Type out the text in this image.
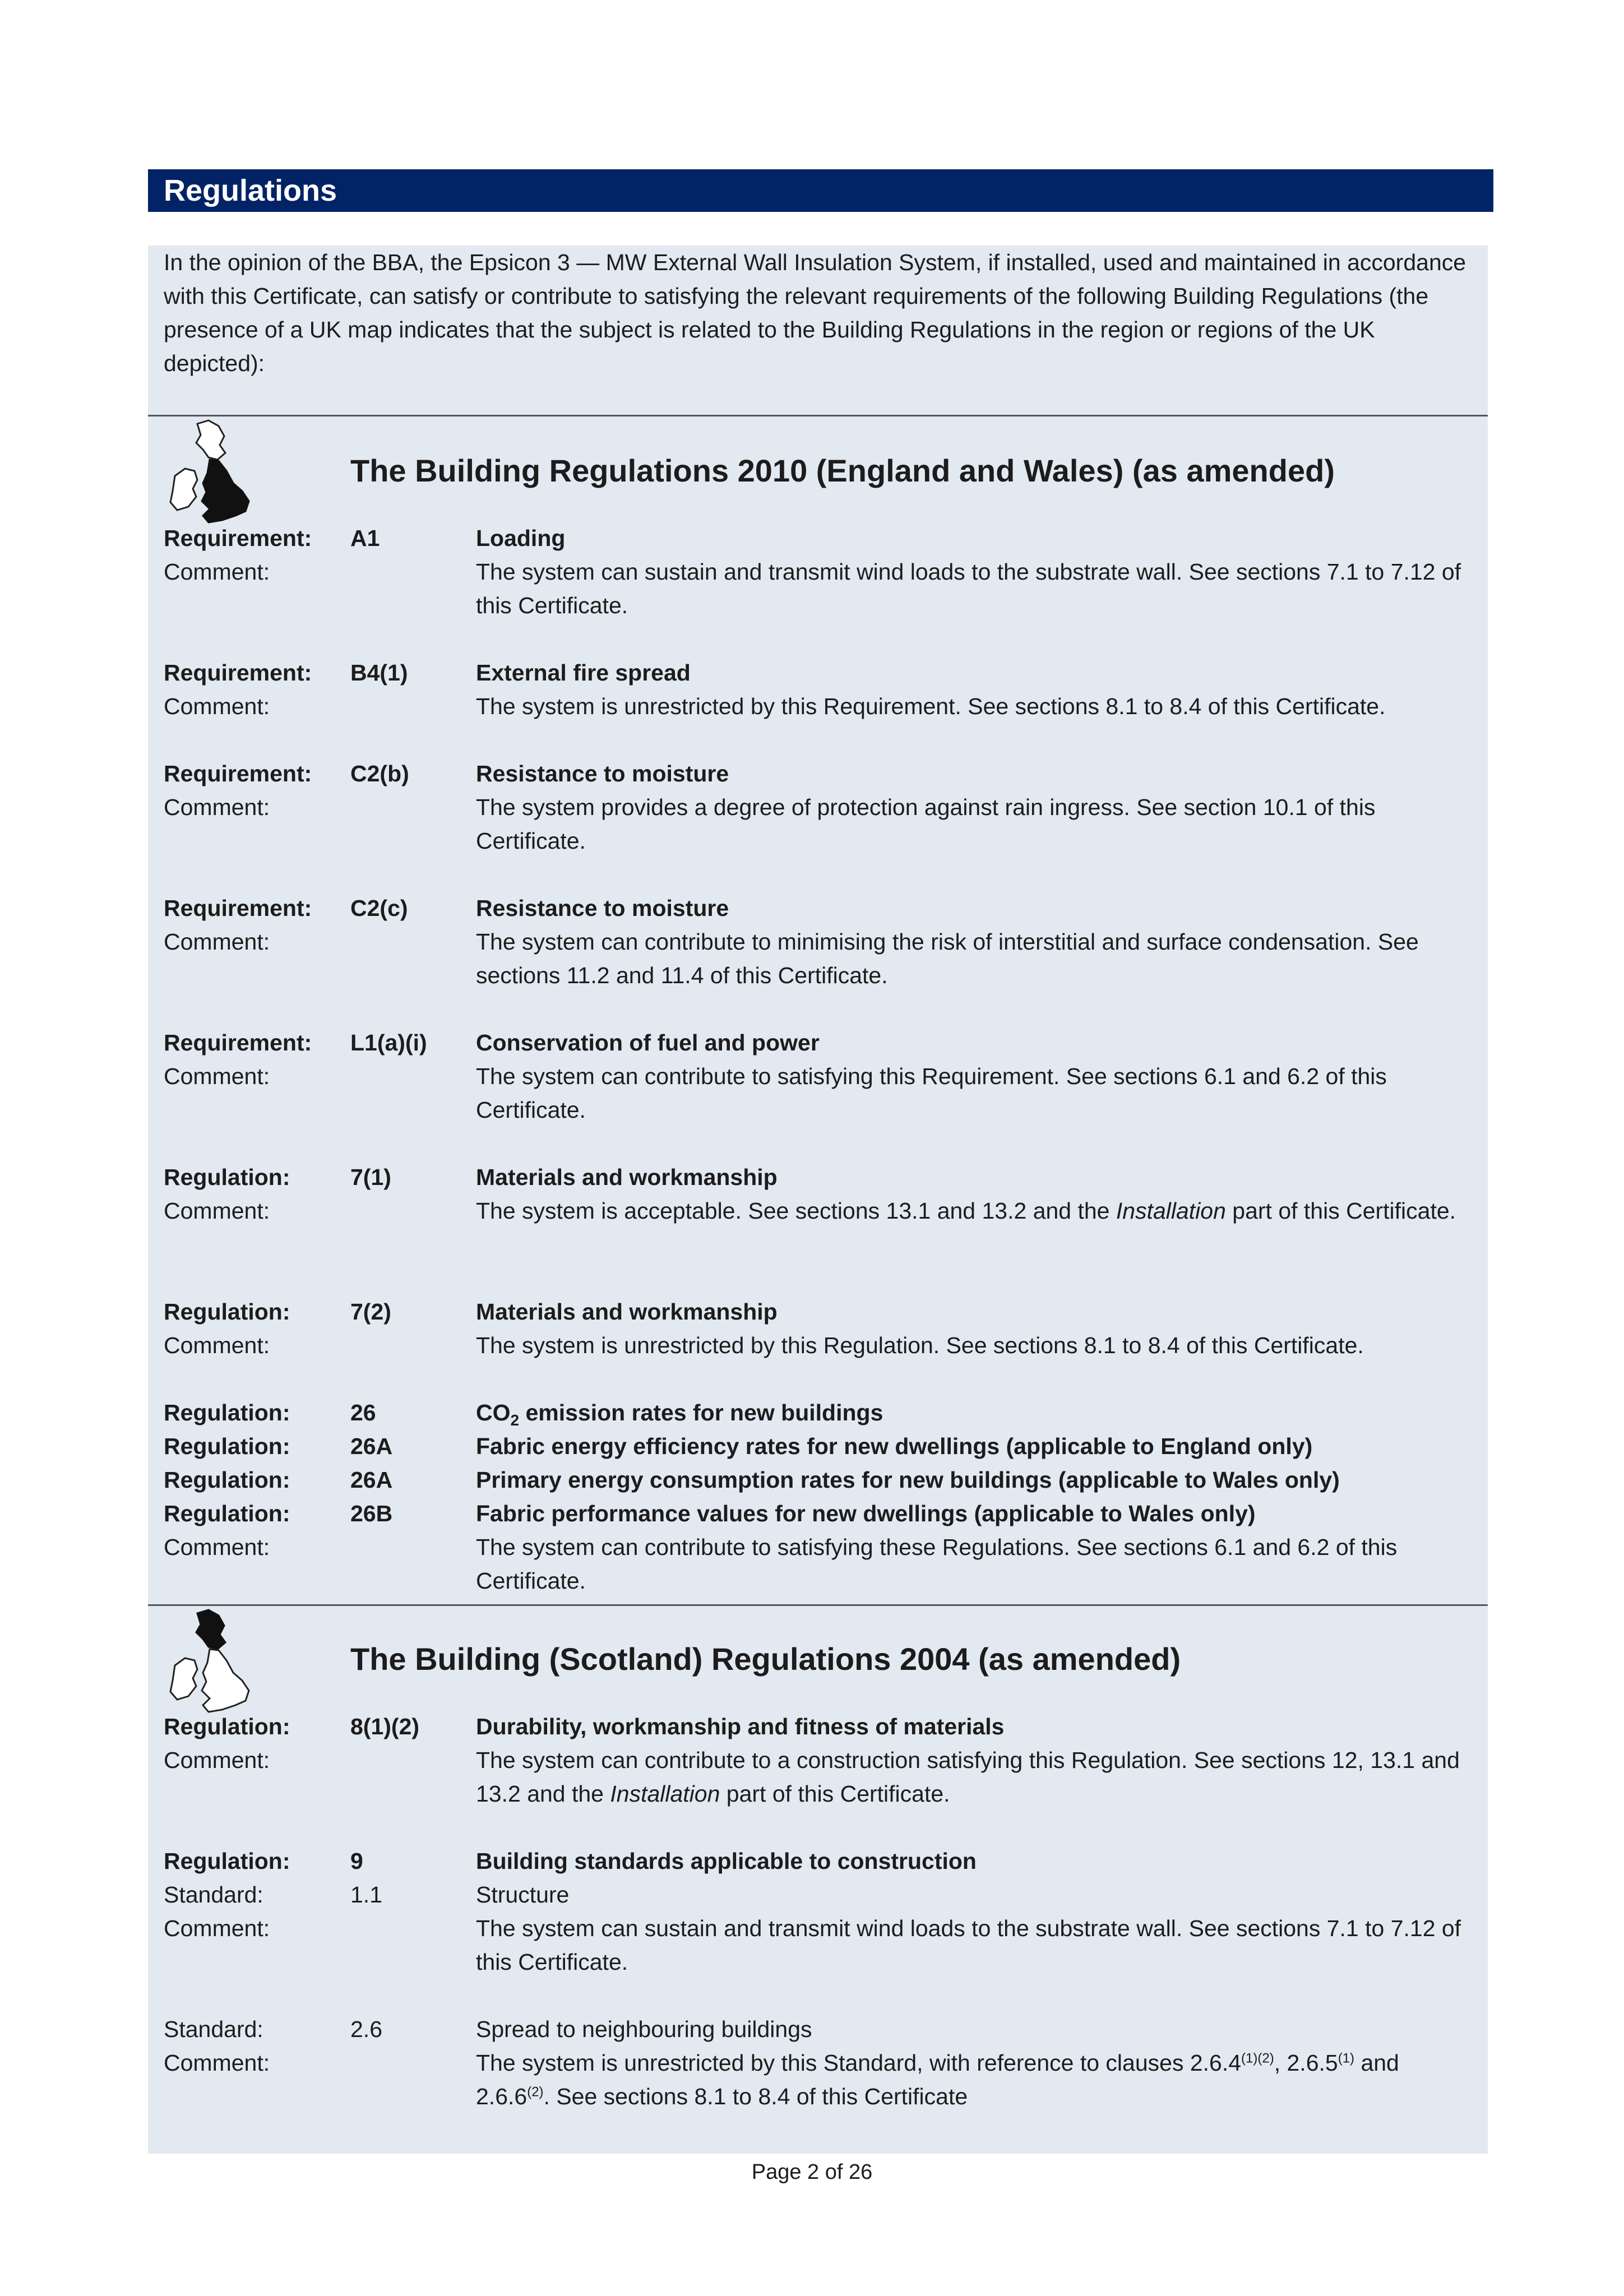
Regulations
In the opinion of the BBA, the Epsicon 3 — MW External Wall Insulation System, if installed, used and maintained in accordance with this Certificate, can satisfy or contribute to satisfying the relevant requirements of the following Building Regulations (the presence of a UK map indicates that the subject is related to the Building Regulations in the region or regions of the UK depicted):
The Building Regulations 2010 (England and Wales) (as amended)
Requirement: A1	Loading
Comment:	The system can sustain and transmit wind loads to the substrate wall. See sections 7.1 to 7.12 of this Certificate.
Requirement: B4(1)	External fire spread
Comment:	The system is unrestricted by this Requirement. See sections 8.1 to 8.4 of this Certificate.
Requirement: C2(b)	Resistance to moisture
Comment:	The system provides a degree of protection against rain ingress. See section 10.1 of this Certificate.
Requirement: C2(c)	Resistance to moisture
Comment:	The system can contribute to minimising the risk of interstitial and surface condensation. See sections 11.2 and 11.4 of this Certificate.
Requirement: L1(a)(i) Conservation of fuel and power
Comment:	The system can contribute to satisfying this Requirement. See sections 6.1 and 6.2 of this Certificate.
Regulation:	7(1)	Materials and workmanship
Comment:	The system is acceptable. See sections 13.1 and 13.2 and the Installation part of this Certificate.
Regulation:	7(2)	Materials and workmanship
Comment:	The system is unrestricted by this Regulation. See sections 8.1 to 8.4 of this Certificate.
Regulation:	26	$CO_2$ emission rates for new buildings
Regulation:	26A	Fabric energy efficiency rates for new dwellings (applicable to England only)
Regulation:	26A	Primary energy consumption rates for new buildings (applicable to Wales only)
Regulation:	26B	Fabric performance values for new dwellings (applicable to Wales only)
Comment:	The system can contribute to satisfying these Regulations. See sections 6.1 and 6.2 of this Certificate.
The Building (Scotland) Regulations 2004 (as amended)
Regulation:	8(1)(2) Durability, workmanship and fitness of materials
Comment:	The system can contribute to a construction satisfying this Regulation. See sections 12, 13.1 and 13.2 and the Installation part of this Certificate.
Regulation:	9	Building standards applicable to construction
Standard:	1.1	Structure
Comment:	The system can sustain and transmit wind loads to the substrate wall. See sections 7.1 to 7.12 of this Certificate.
Standard:	2.6	Spread to neighbouring buildings
Comment:	The system is unrestricted by this Standard, with reference to clauses $2.6.4^{(1)(2)}$, 2.6.5$^{(1)}$ and 2.6.6$^{(2)}$. See sections 8.1 to 8.4 of this Certificate
Page 2 of 26
